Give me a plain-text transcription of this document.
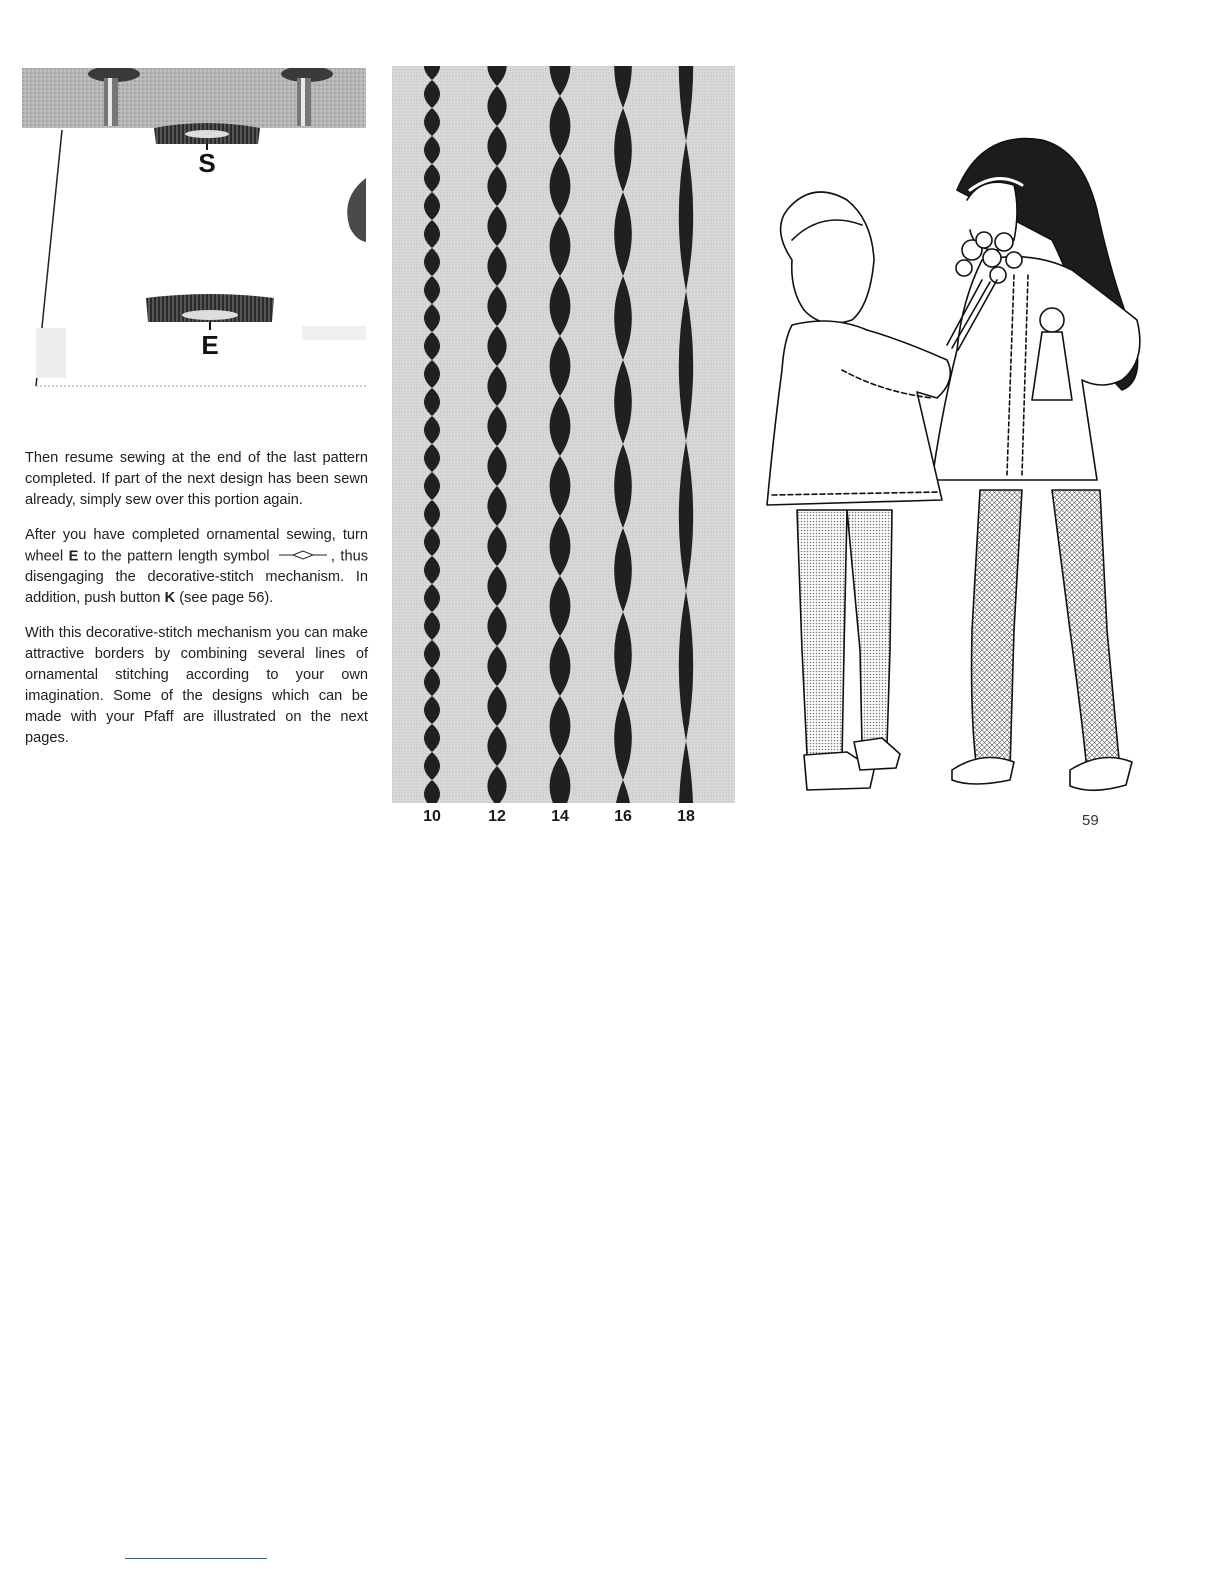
S
E

Then resume sewing at the end of the last pattern completed. If part of the next design has been sewn already, simply sew over this portion again.

After you have completed ornamental sewing, turn wheel E to the pattern length symbol	, thus disengaging the decorative-stitch mechanism. In addition, push button K (see page 56).

With this decorative-stitch mechanism you can make attractive borders by combining several lines of ornamental stitching according to your own imagination. Some of the designs which can be made with your Pfaff are illustrated on the next pages.

10	12	14	16	18	59
